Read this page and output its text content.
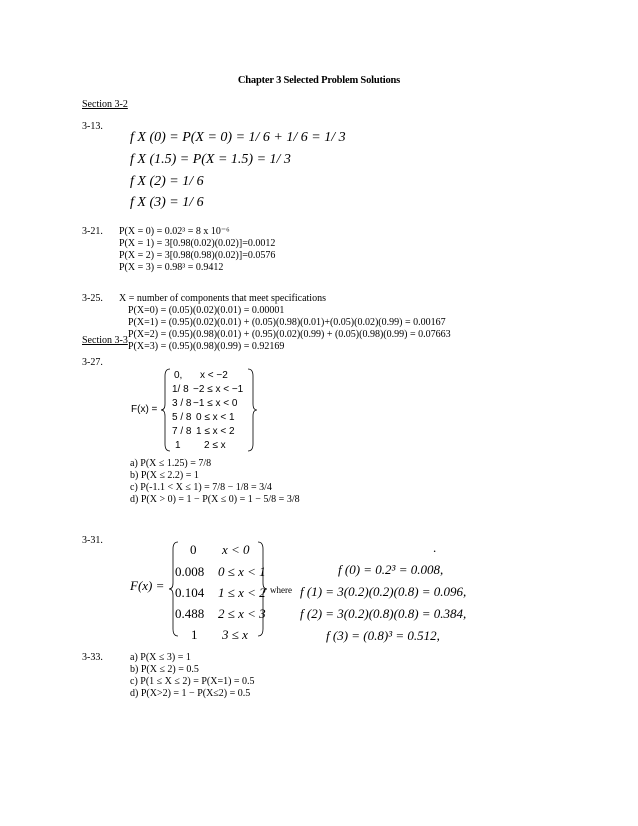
Chapter 3 Selected Problem Solutions
Section 3-2
3-13.
f X (0) = P(X = 0) = 1/ 6 + 1/ 6 = 1/ 3
f X (1.5) = P(X = 1.5) = 1/ 3
f X (2) = 1/ 6
f X (3) = 1/ 6
3-21. P(X = 0) = 0.02³ = 8 x 10⁻⁶
P(X = 1) = 3[0.98(0.02)(0.02)]=0.0012
P(X = 2) = 3[0.98(0.98)(0.02)]=0.0576
P(X = 3) = 0.98³ = 0.9412
3-25. X = number of components that meet specifications
P(X=0) = (0.05)(0.02)(0.01) = 0.00001
P(X=1) = (0.95)(0.02)(0.01) + (0.05)(0.98)(0.01)+(0.05)(0.02)(0.99) = 0.00167
P(X=2) = (0.95)(0.98)(0.01) + (0.95)(0.02)(0.99) + (0.05)(0.98)(0.99) = 0.07663
P(X=3) = (0.95)(0.98)(0.99) = 0.92169
Section 3-3
3-27.
F(x) =
0, x < −2
1/ 8 −2 ≤ x < −1
3 / 8 −1 ≤ x < 0
5 / 8 0 ≤ x < 1
7 / 8 1 ≤ x < 2
1 2 ≤ x
a) P(X ≤ 1.25) = 7/8
b) P(X ≤ 2.2) = 1
c) P(-1.1 < X ≤ 1) = 7/8 − 1/8 = 3/4
d) P(X > 0) = 1 − P(X ≤ 0) = 1 − 5/8 = 3/8
3-31.
F(x) =
0 x < 0
0.008 0 ≤ x < 1
0.104 1 ≤ x < 2
0.488 2 ≤ x < 3
1 3 ≤ x
where
.
f (0) = 0.2³ = 0.008,
f (1) = 3(0.2)(0.2)(0.8) = 0.096,
f (2) = 3(0.2)(0.8)(0.8) = 0.384,
f (3) = (0.8)³ = 0.512,
3-33.	a) P(X ≤ 3) = 1
b) P(X ≤ 2) = 0.5
c) P(1 ≤ X ≤ 2) = P(X=1) = 0.5
d) P(X>2) = 1 − P(X≤2) = 0.5
